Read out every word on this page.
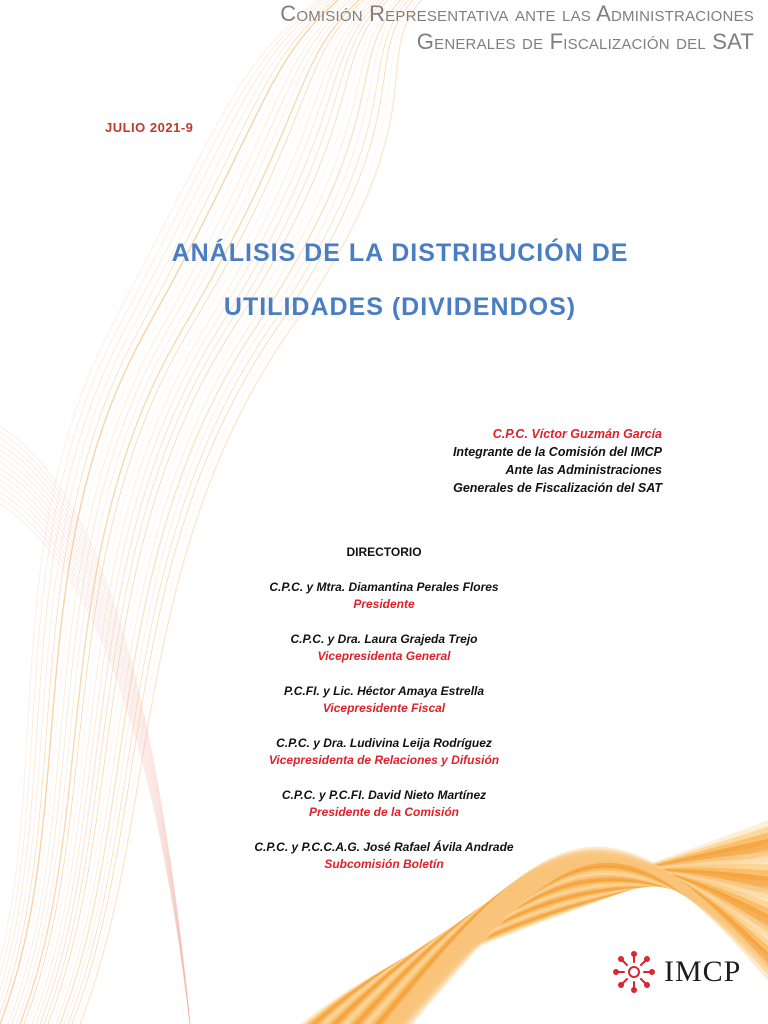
Comisión Representativa ante las Administraciones
Generales de Fiscalización del SAT
JULIO 2021-9
ANÁLISIS DE LA DISTRIBUCIÓN DE
UTILIDADES (DIVIDENDOS)
C.P.C. Víctor Guzmán García
Integrante de la Comisión del IMCP
Ante las Administraciones
Generales de Fiscalización del SAT
DIRECTORIO
C.P.C. y Mtra. Diamantina Perales Flores
Presidente
C.P.C. y Dra. Laura Grajeda Trejo
Vicepresidenta General
P.C.FI. y Lic. Héctor Amaya Estrella
Vicepresidente Fiscal
C.P.C. y Dra. Ludivina Leija Rodríguez
Vicepresidenta de Relaciones y Difusión
C.P.C. y P.C.FI. David Nieto Martínez
Presidente de la Comisión
C.P.C. y P.C.C.A.G. José Rafael Ávila Andrade
Subcomisión Boletín
IMCP
